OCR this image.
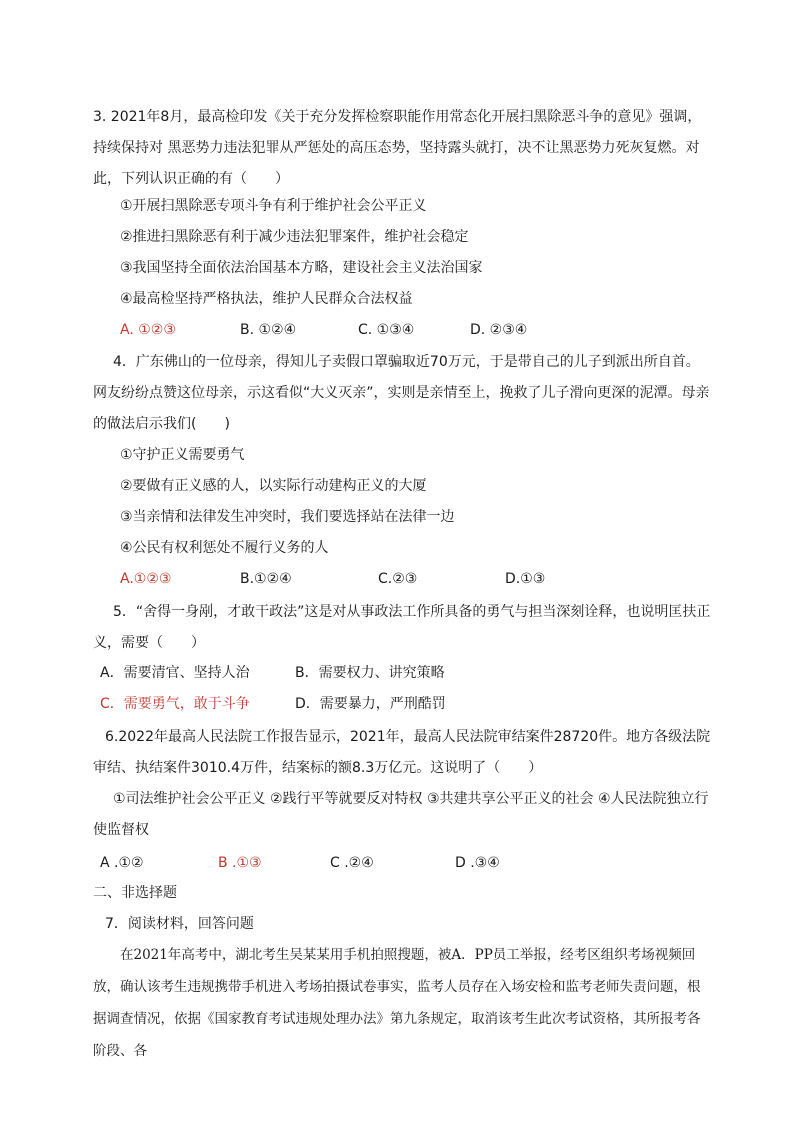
3. 2021年8月，最高检印发《关于充分发挥检察职能作用常态化开展扫黑除恶斗争的意见》强调，持续保持对 黑恶势力违法犯罪从严惩处的高压态势，坚持露头就打，决不让黑恶势力死灰复燃。对此，下列认识正确的有（　　）
①开展扫黑除恶专项斗争有利于维护社会公平正义
②推进扫黑除恶有利于减少违法犯罪案件，维护社会稳定
③我国坚持全面依法治国基本方略，建设社会主义法治国家
④最高检坚持严格执法，维护人民群众合法权益
A. ①②③	B. ①②④	C. ①③④	D. ②③④
4．广东佛山的一位母亲，得知儿子卖假口罩骗取近70万元，于是带自己的儿子到派出所自首。网友纷纷点赞这位母亲，示这看似“大义灭亲”，实则是亲情至上，挽救了儿子滑向更深的泥潭。母亲的做法启示我们(　　)
①守护正义需要勇气
②要做有正义感的人，以实际行动建构正义的大厦
③当亲情和法律发生冲突时，我们要选择站在法律一边
④公民有权利惩处不履行义务的人
A.①②③	B.①②④	C.②③	D.①③
5．“舍得一身剐，才敢干政法”这是对从事政法工作所具备的勇气与担当深刻诠释，也说明匡扶正义，需要（　　）
A．需要清官、坚持人治	B．需要权力、讲究策略
C．需要勇气，敢于斗争	D．需要暴力，严刑酷罚
6.2022年最高人民法院工作报告显示，2021年，最高人民法院审结案件28720件。地方各级法院审结、执结案件3010.4万件，结案标的额8.3万亿元。这说明了（　　）
①司法维护社会公平正义 ②践行平等就要反对特权 ③共建共享公平正义的社会 ④人民法院独立行使监督权
A .①②	B .①③	C .②④	D .③④
二、非选择题
7．阅读材料，回答问题
在2021年高考中，湖北考生吴某某用手机拍照搜题，被A．PP员工举报，经考区组织考场视频回放，确认该考生违规携带手机进入考场拍摄试卷事实，监考人员存在入场安检和监考老师失责问题，根据调查情况，依据《国家教育考试违规处理办法》第九条规定，取消该考生此次考试资格，其所报考各阶段、各
